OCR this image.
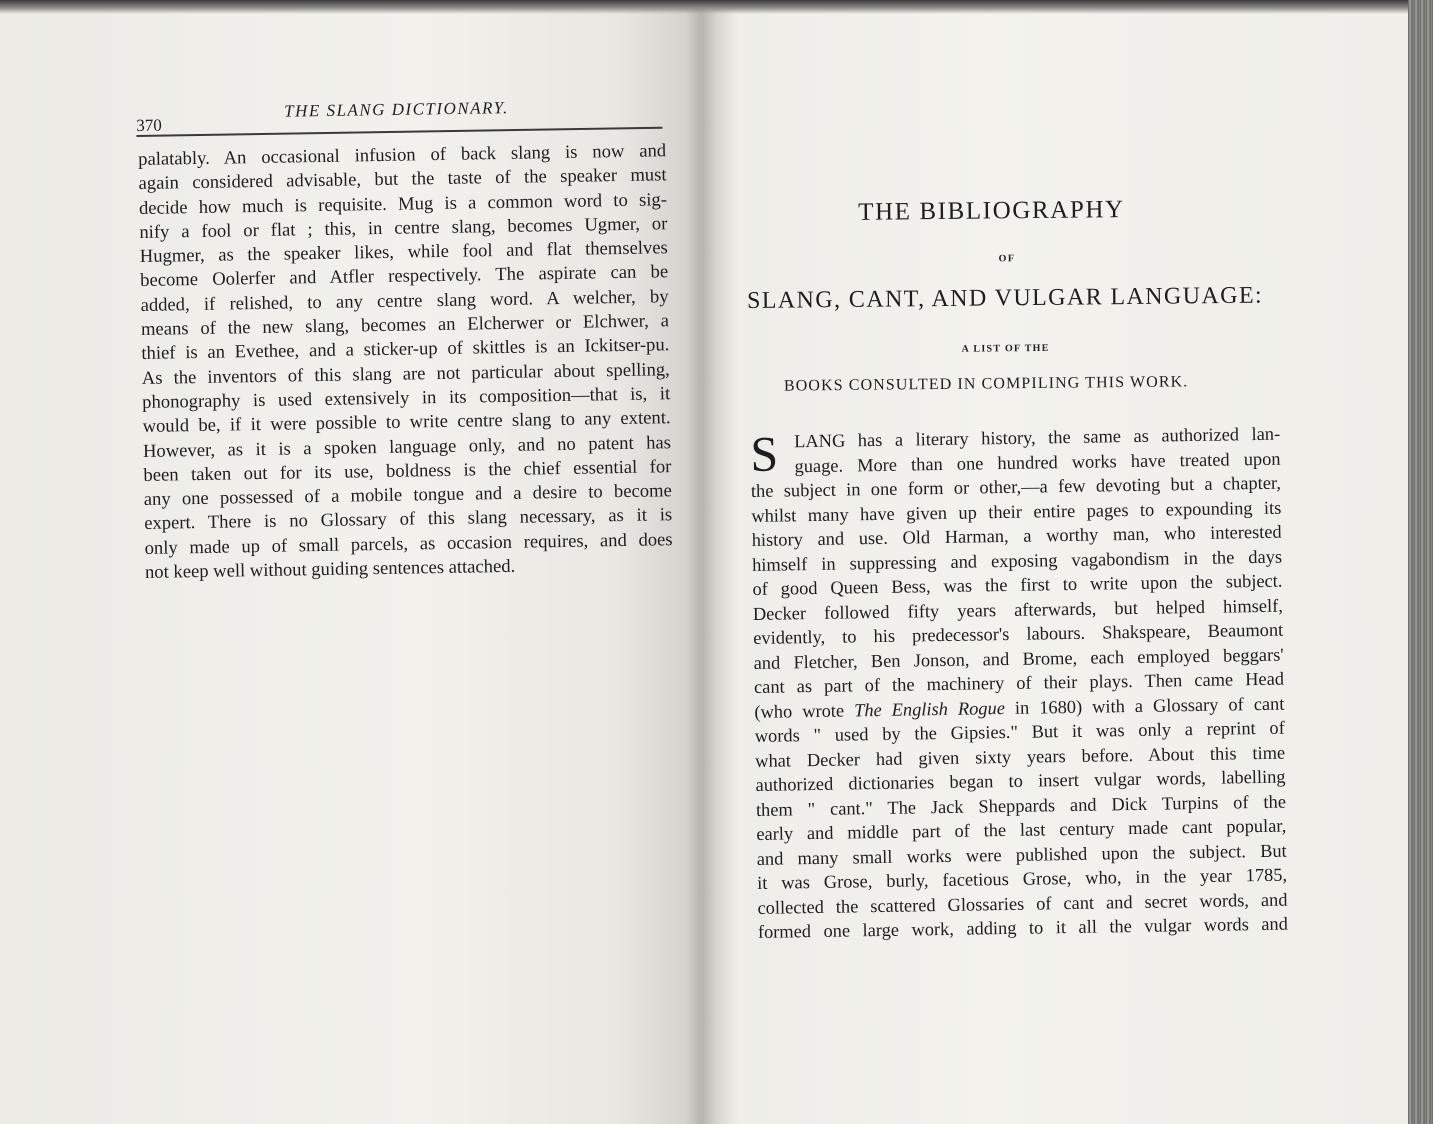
370
THE SLANG DICTIONARY.
palatably. An occasional infusion of back slang is now and
again considered advisable, but the taste of the speaker must
decide how much is requisite. Mug is a common word to sig-
nify a fool or flat ; this, in centre slang, becomes Ugmer, or
Hugmer, as the speaker likes, while fool and flat themselves
become Oolerfer and Atfler respectively. The aspirate can be
added, if relished, to any centre slang word. A welcher, by
means of the new slang, becomes an Elcherwer or Elchwer, a
thief is an Evethee, and a sticker-up of skittles is an Ickitser-pu.
As the inventors of this slang are not particular about spelling,
phonography is used extensively in its composition—that is, it
would be, if it were possible to write centre slang to any extent.
However, as it is a spoken language only, and no patent has
been taken out for its use, boldness is the chief essential for
any one possessed of a mobile tongue and a desire to become
expert. There is no Glossary of this slang necessary, as it is
only made up of small parcels, as occasion requires, and does
not keep well without guiding sentences attached.
THE BIBLIOGRAPHY
OF
SLANG, CANT, AND VULGAR LANGUAGE:
A LIST OF THE
BOOKS CONSULTED IN COMPILING THIS WORK.
S LANG has a literary history, the same as authorized lan-
guage. More than one hundred works have treated upon
the subject in one form or other,—a few devoting but a chapter,
whilst many have given up their entire pages to expounding its
history and use. Old Harman, a worthy man, who interested
himself in suppressing and exposing vagabondism in the days
of good Queen Bess, was the first to write upon the subject.
Decker followed fifty years afterwards, but helped himself,
evidently, to his predecessor's labours. Shakspeare, Beaumont
and Fletcher, Ben Jonson, and Brome, each employed beggars'
cant as part of the machinery of their plays. Then came Head
(who wrote The English Rogue in 1680) with a Glossary of cant
words " used by the Gipsies." But it was only a reprint of
what Decker had given sixty years before. About this time
authorized dictionaries began to insert vulgar words, labelling
them " cant." The Jack Sheppards and Dick Turpins of the
early and middle part of the last century made cant popular,
and many small works were published upon the subject. But
it was Grose, burly, facetious Grose, who, in the year 1785,
collected the scattered Glossaries of cant and secret words, and
formed one large work, adding to it all the vulgar words and
